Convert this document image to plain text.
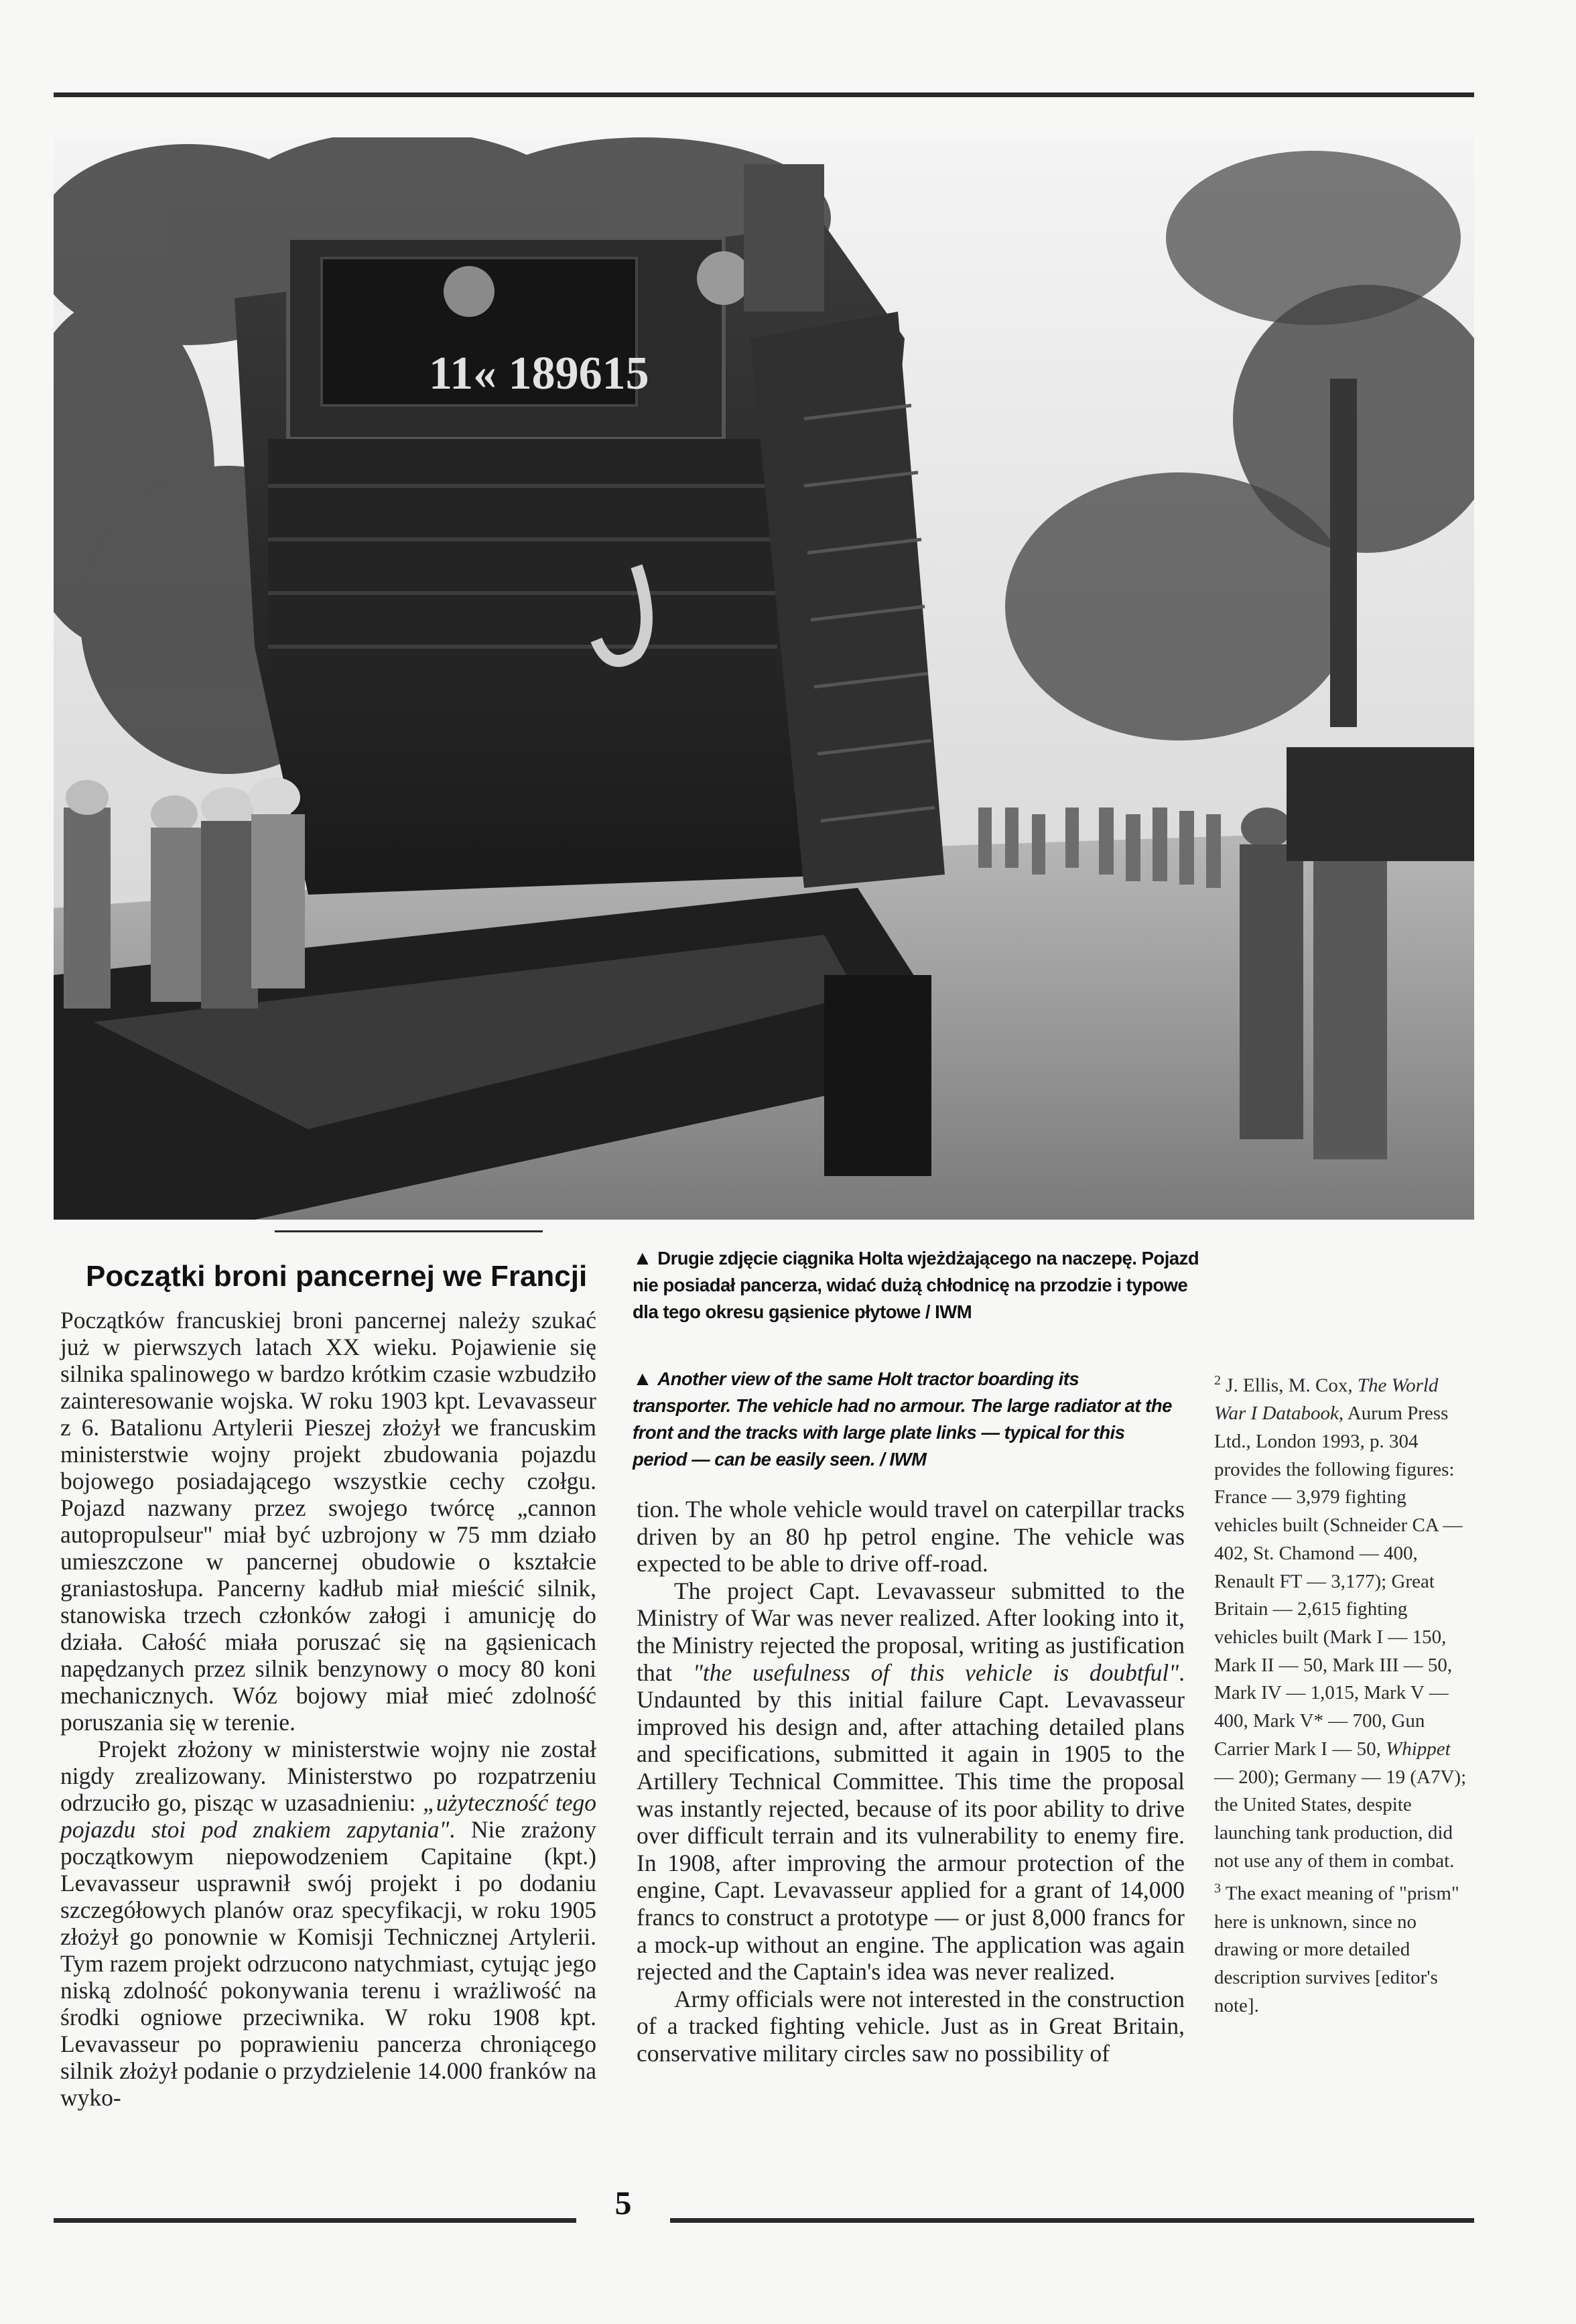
11« 189615
Początki broni pancernej we Francji

Początków francuskiej broni pancernej należy szukać już w pierwszych latach XX wieku. Pojawienie się silnika spalinowego w bardzo krótkim czasie wzbudziło zainteresowanie wojska. W roku 1903 kpt. Levavasseur z 6. Batalionu Artylerii Pieszej złożył we francuskim ministerstwie wojny projekt zbudowania pojazdu bojowego posiadającego wszystkie cechy czołgu. Pojazd nazwany przez swojego twórcę „cannon autopropulseur" miał być uzbrojony w 75 mm działo umieszczone w pancernej obudowie o kształcie graniastosłupa. Pancerny kadłub miał mieścić silnik, stanowiska trzech członków załogi i amunicję do działa. Całość miała poruszać się na gąsienicach napędzanych przez silnik benzynowy o mocy 80 koni mechanicznych. Wóz bojowy miał mieć zdolność poruszania się w terenie.

Projekt złożony w ministerstwie wojny nie został nigdy zrealizowany. Ministerstwo po rozpatrzeniu odrzuciło go, pisząc w uzasadnieniu: „użyteczność tego pojazdu stoi pod znakiem zapytania". Nie zrażony początkowym niepowodzeniem Capitaine (kpt.) Levavasseur usprawnił swój projekt i po dodaniu szczegółowych planów oraz specyfikacji, w roku 1905 złożył go ponownie w Komisji Technicznej Artylerii. Tym razem projekt odrzucono natychmiast, cytując jego niską zdolność pokonywania terenu i wrażliwość na środki ogniowe przeciwnika. W roku 1908 kpt. Levavasseur po poprawieniu pancerza chroniącego silnik złożył podanie o przydzielenie 14.000 franków na wyko-

▲ Drugie zdjęcie ciągnika Holta wjeżdżającego na naczepę. Pojazd nie posiadał pancerza, widać dużą chłodnicę na przodzie i typowe dla tego okresu gąsienice płytowe / IWM
▲ Another view of the same Holt tractor boarding its transporter. The vehicle had no armour. The large radiator at the front and the tracks with large plate links — typical for this period — can be easily seen. / IWM

tion. The whole vehicle would travel on caterpillar tracks driven by an 80 hp petrol engine. The vehicle was expected to be able to drive off-road.

The project Capt. Levavasseur submitted to the Ministry of War was never realized. After looking into it, the Ministry rejected the proposal, writing as justification that "the usefulness of this vehicle is doubtful". Undaunted by this initial failure Capt. Levavasseur improved his design and, after attaching detailed plans and specifications, submitted it again in 1905 to the Artillery Technical Committee. This time the proposal was instantly rejected, because of its poor ability to drive over difficult terrain and its vulnerability to enemy fire. In 1908, after improving the armour protection of the engine, Capt. Levavasseur applied for a grant of 14,000 francs to construct a prototype — or just 8,000 francs for a mock-up without an engine. The application was again rejected and the Captain's idea was never realized.

Army officials were not interested in the construction of a tracked fighting vehicle. Just as in Great Britain, conservative military circles saw no possibility of

$^2$ J. Ellis, M. Cox, The World War I Databook, Aurum Press Ltd., London 1993, p. 304 provides the following figures: France — 3,979 fighting vehicles built (Schneider CA — 402, St. Chamond — 400, Renault FT — 3,177); Great Britain — 2,615 fighting vehicles built (Mark I — 150, Mark II — 50, Mark III — 50, Mark IV — 1,015, Mark V — 400, Mark V* — 700, Gun Carrier Mark I — 50, Whippet — 200); Germany — 19 (A7V); the United States, despite launching tank production, did not use any of them in combat.

$^3$ The exact meaning of "prism" here is unknown, since no drawing or more detailed description survives [editor's note].

5
